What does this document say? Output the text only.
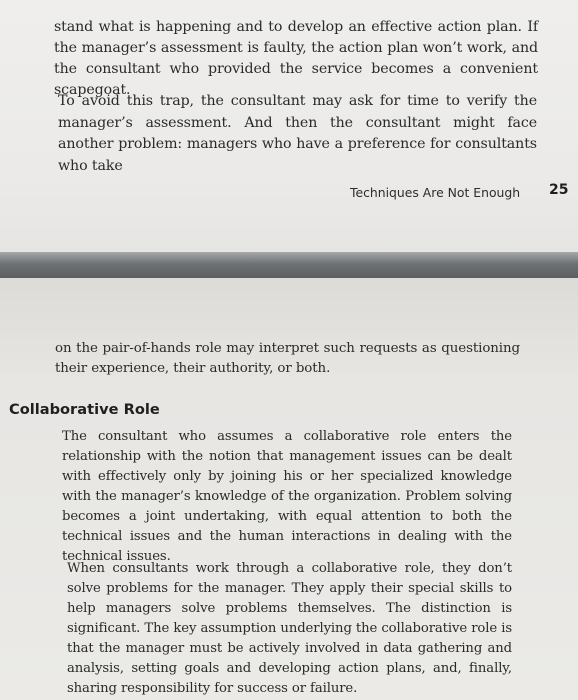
stand what is happening and to develop an effective action plan. If the manager’s assessment is faulty, the action plan won’t work, and the consultant who provided the service becomes a convenient scapegoat.

To avoid this trap, the consultant may ask for time to verify the manager’s assessment. And then the consultant might face another problem: managers who have a preference for consultants who take

Techniques Are Not Enough 25

on the pair-of-hands role may interpret such requests as questioning their experience, their authority, or both.

Collaborative Role

The consultant who assumes a collaborative role enters the relationship with the notion that management issues can be dealt with effectively only by joining his or her specialized knowledge with the manager’s knowledge of the organization. Problem solving becomes a joint undertaking, with equal attention to both the technical issues and the human interactions in dealing with the technical issues.

When consultants work through a collaborative role, they don’t solve problems for the manager. They apply their special skills to help managers solve problems themselves. The distinction is significant. The key assumption underlying the collaborative role is that the manager must be actively involved in data gathering and analysis, setting goals and developing action plans, and, finally, sharing responsibility for success or failure.
